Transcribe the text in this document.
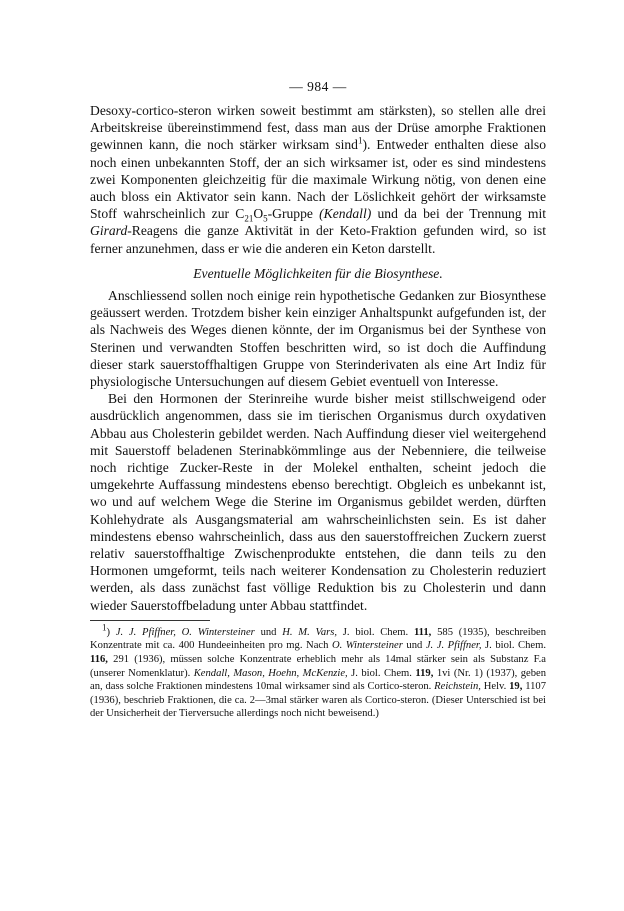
— 984 —

Desoxy-cortico-steron wirken soweit bestimmt am stärksten), so stellen alle drei Arbeitskreise übereinstimmend fest, dass man aus der Drüse amorphe Fraktionen gewinnen kann, die noch stärker wirksam sind$^1$). Entweder enthalten diese also noch einen unbekannten Stoff, der an sich wirksamer ist, oder es sind mindestens zwei Komponenten gleichzeitig für die maximale Wirkung nötig, von denen eine auch bloss ein Aktivator sein kann. Nach der Löslichkeit gehört der wirksamste Stoff wahrscheinlich zur $C_{21}O_5$-Gruppe (Kendall) und da bei der Trennung mit Girard-Reagens die ganze Aktivität in der Keto-Fraktion gefunden wird, so ist ferner anzunehmen, dass er wie die anderen ein Keton darstellt.

Eventuelle Möglichkeiten für die Biosynthese.

Anschliessend sollen noch einige rein hypothetische Gedanken zur Biosynthese geäussert werden. Trotzdem bisher kein einziger Anhaltspunkt aufgefunden ist, der als Nachweis des Weges dienen könnte, der im Organismus bei der Synthese von Sterinen und verwandten Stoffen beschritten wird, so ist doch die Auffindung dieser stark sauerstoffhaltigen Gruppe von Sterinderivaten als eine Art Indiz für physiologische Untersuchungen auf diesem Gebiet eventuell von Interesse.

Bei den Hormonen der Sterinreihe wurde bisher meist stillschweigend oder ausdrücklich angenommen, dass sie im tierischen Organismus durch oxydativen Abbau aus Cholesterin gebildet werden. Nach Auffindung dieser viel weitergehend mit Sauerstoff beladenen Sterinabkömmlinge aus der Nebenniere, die teilweise noch richtige Zucker-Reste in der Molekel enthalten, scheint jedoch die umgekehrte Auffassung mindestens ebenso berechtigt. Obgleich es unbekannt ist, wo und auf welchem Wege die Sterine im Organismus gebildet werden, dürften Kohlehydrate als Ausgangsmaterial am wahrscheinlichsten sein. Es ist daher mindestens ebenso wahrscheinlich, dass aus den sauerstoffreichen Zuckern zuerst relativ sauerstoffhaltige Zwischenprodukte entstehen, die dann teils zu den Hormonen umgeformt, teils nach weiterer Kondensation zu Cholesterin reduziert werden, als dass zunächst fast völlige Reduktion bis zu Cholesterin und dann wieder Sauerstoffbeladung unter Abbau stattfindet.

$^1$) J. J. Pfiffner, O. Wintersteiner und H. M. Vars, J. biol. Chem. 111, 585 (1935), beschreiben Konzentrate mit ca. 400 Hundeeinheiten pro mg. Nach O. Wintersteiner und J. J. Pfiffner, J. biol. Chem. 116, 291 (1936), müssen solche Konzentrate erheblich mehr als 14mal stärker sein als Substanz F.a (unserer Nomenklatur). Kendall, Mason, Hoehn, McKenzie, J. biol. Chem. 119, 1vi (Nr. 1) (1937), geben an, dass solche Fraktionen mindestens 10mal wirksamer sind als Cortico-steron. Reichstein, Helv. 19, 1107 (1936), beschrieb Fraktionen, die ca. 2—3mal stärker waren als Cortico-steron. (Dieser Unterschied ist bei der Unsicherheit der Tierversuche allerdings noch nicht beweisend.)
